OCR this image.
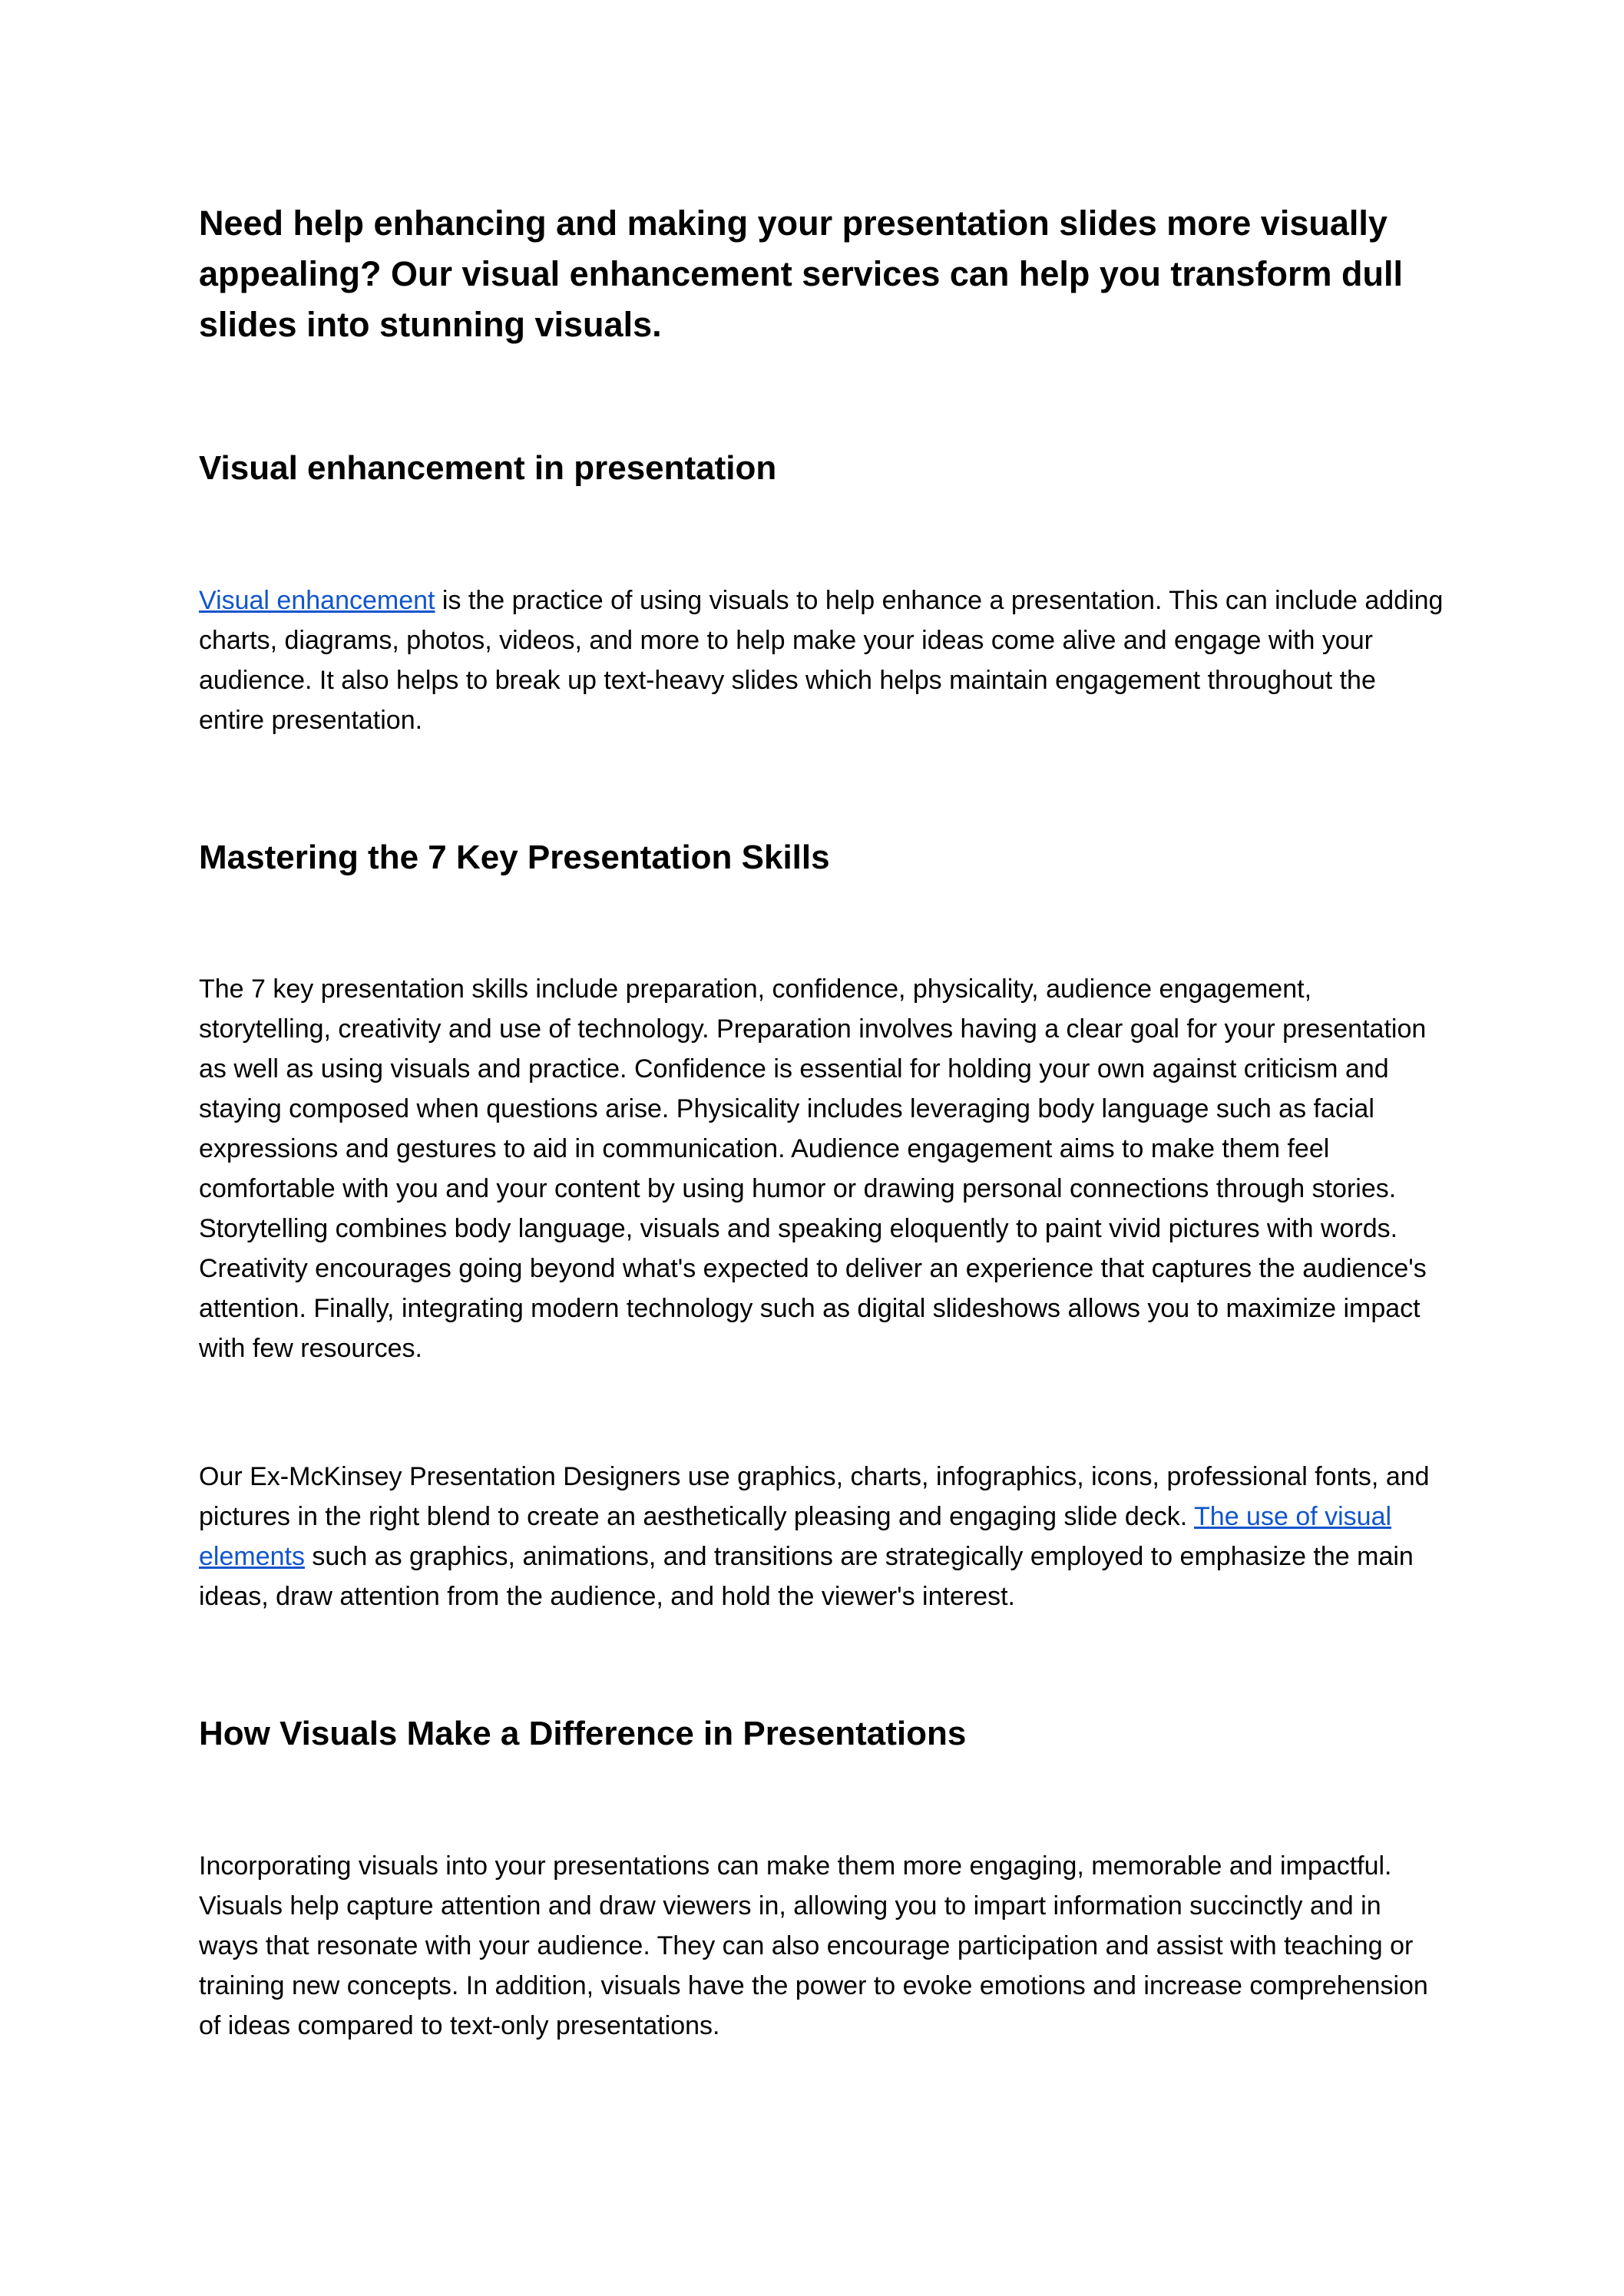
Need help enhancing and making your presentation slides more visually appealing? Our visual enhancement services can help you transform dull slides into stunning visuals.

Visual enhancement in presentation

Visual enhancement is the practice of using visuals to help enhance a presentation. This can include adding charts, diagrams, photos, videos, and more to help make your ideas come alive and engage with your audience. It also helps to break up text-heavy slides which helps maintain engagement throughout the entire presentation.

Mastering the 7 Key Presentation Skills

The 7 key presentation skills include preparation, confidence, physicality, audience engagement, storytelling, creativity and use of technology. Preparation involves having a clear goal for your presentation as well as using visuals and practice. Confidence is essential for holding your own against criticism and staying composed when questions arise. Physicality includes leveraging body language such as facial expressions and gestures to aid in communication. Audience engagement aims to make them feel comfortable with you and your content by using humor or drawing personal connections through stories. Storytelling combines body language, visuals and speaking eloquently to paint vivid pictures with words. Creativity encourages going beyond what's expected to deliver an experience that captures the audience's attention. Finally, integrating modern technology such as digital slideshows allows you to maximize impact with few resources.

Our Ex-McKinsey Presentation Designers use graphics, charts, infographics, icons, professional fonts, and pictures in the right blend to create an aesthetically pleasing and engaging slide deck. The use of visual elements such as graphics, animations, and transitions are strategically employed to emphasize the main ideas, draw attention from the audience, and hold the viewer's interest.

How Visuals Make a Difference in Presentations

Incorporating visuals into your presentations can make them more engaging, memorable and impactful. Visuals help capture attention and draw viewers in, allowing you to impart information succinctly and in ways that resonate with your audience. They can also encourage participation and assist with teaching or training new concepts. In addition, visuals have the power to evoke emotions and increase comprehension of ideas compared to text-only presentations.
